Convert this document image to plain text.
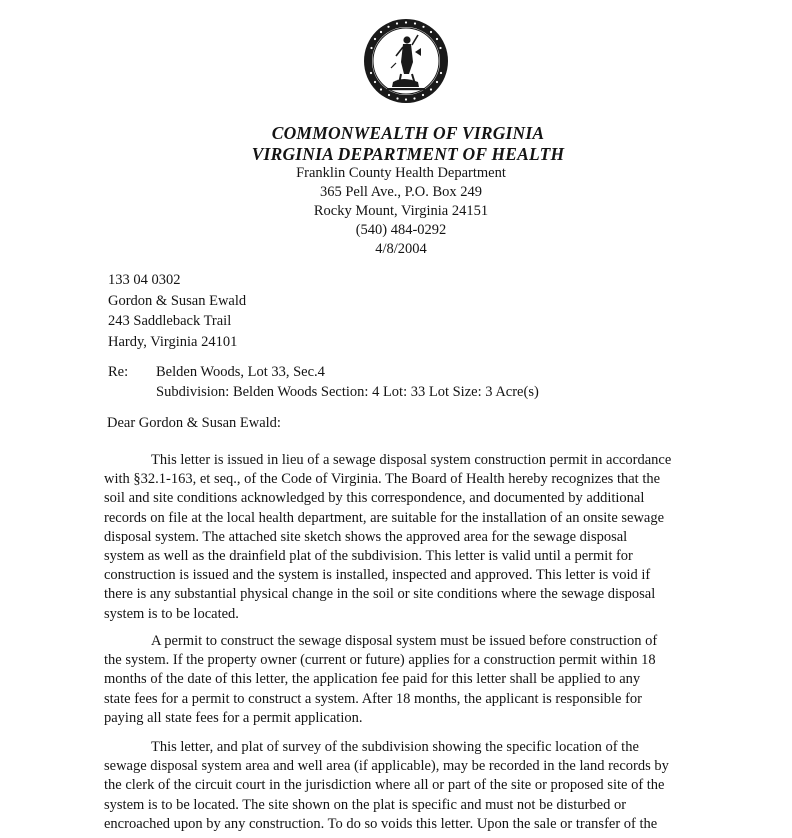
COMMONWEALTH OF VIRGINIA
VIRGINIA DEPARTMENT OF HEALTH
Franklin County Health Department
365 Pell Ave., P.O. Box 249
Rocky Mount, Virginia 24151
(540) 484-0292
4/8/2004
133 04 0302
Gordon & Susan Ewald
243 Saddleback Trail
Hardy, Virginia 24101
Re: Belden Woods, Lot 33, Sec.4
Subdivision: Belden Woods Section: 4 Lot: 33 Lot Size: 3 Acre(s)
Dear Gordon & Susan Ewald:
This letter is issued in lieu of a sewage disposal system construction permit in accordance
with §32.1-163, et seq., of the Code of Virginia. The Board of Health hereby recognizes that the
soil and site conditions acknowledged by this correspondence, and documented by additional
records on file at the local health department, are suitable for the installation of an onsite sewage
disposal system. The attached site sketch shows the approved area for the sewage disposal
system as well as the drainfield plat of the subdivision. This letter is valid until a permit for
construction is issued and the system is installed, inspected and approved. This letter is void if
there is any substantial physical change in the soil or site conditions where the sewage disposal
system is to be located.
A permit to construct the sewage disposal system must be issued before construction of
the system. If the property owner (current or future) applies for a construction permit within 18
months of the date of this letter, the application fee paid for this letter shall be applied to any
state fees for a permit to construct a system. After 18 months, the applicant is responsible for
paying all state fees for a permit application.
This letter, and plat of survey of the subdivision showing the specific location of the
sewage disposal system area and well area (if applicable), may be recorded in the land records by
the clerk of the circuit court in the jurisdiction where all or part of the site or proposed site of the
system is to be located. The site shown on the plat is specific and must not be disturbed or
encroached upon by any construction. To do so voids this letter. Upon the sale or transfer of the
